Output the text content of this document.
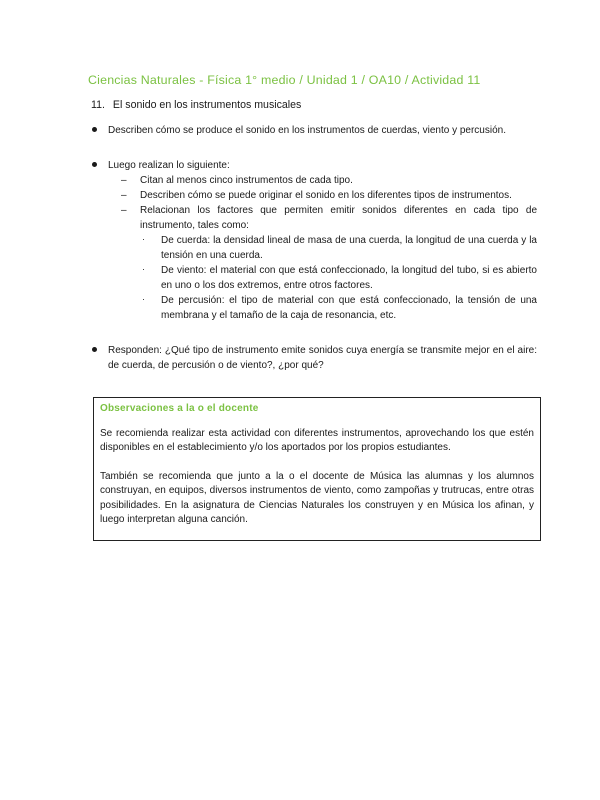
Ciencias Naturales - Física 1° medio / Unidad 1 / OA10 / Actividad 11
11. El sonido en los instrumentos musicales
Describen cómo se produce el sonido en los instrumentos de cuerdas, viento y percusión.
Luego realizan lo siguiente:
– Citan al menos cinco instrumentos de cada tipo.
– Describen cómo se puede originar el sonido en los diferentes tipos de instrumentos.
– Relacionan los factores que permiten emitir sonidos diferentes en cada tipo de instrumento, tales como:
· De cuerda: la densidad lineal de masa de una cuerda, la longitud de una cuerda y la tensión en una cuerda.
· De viento: el material con que está confeccionado, la longitud del tubo, si es abierto en uno o los dos extremos, entre otros factores.
· De percusión: el tipo de material con que está confeccionado, la tensión de una membrana y el tamaño de la caja de resonancia, etc.
Responden: ¿Qué tipo de instrumento emite sonidos cuya energía se transmite mejor en el aire: de cuerda, de percusión o de viento?, ¿por qué?
Observaciones a la o el docente

Se recomienda realizar esta actividad con diferentes instrumentos, aprovechando los que estén disponibles en el establecimiento y/o los aportados por los propios estudiantes.

También se recomienda que junto a la o el docente de Música las alumnas y los alumnos construyan, en equipos, diversos instrumentos de viento, como zampoñas y trutrucas, entre otras posibilidades. En la asignatura de Ciencias Naturales los construyen y en Música los afinan, y luego interpretan alguna canción.
